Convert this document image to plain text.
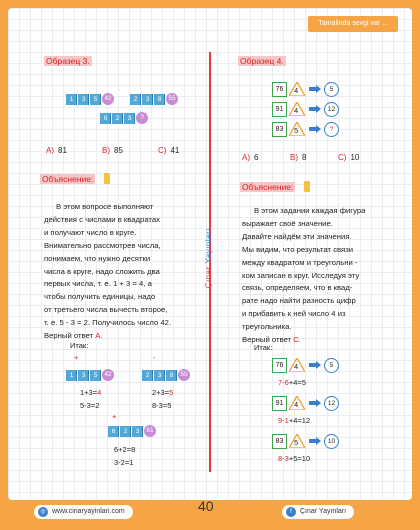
Tamalinda sevgi var ...
Çınar Yayınları
Образец 3.
1	3	5	42	2	3	8	55
6	2	3	?
A) 81	B) 85	C) 41
Объяснение:
В этом вопросе выполняют
действия с числами в квадратах
и получают число в круге.
Внимательно рассмотрев числа,
понимаем, что нужно десятки
числа в круге, надо сложить два
первых числа, т. е. 1 + 3 = 4, а
чтобы получить единицы, надо
от третьего числа вычесть второе,
т. е. 5 - 3 = 2. Получилось число 42.
Верный ответ A.
Итак:
+	-
1	3	5	42	2	3	8	55
1+3=4
5-3=2
2+3=5
8-3=5
+
6	2	3	81
6+2=8
3-2=1
Образец 4.
76	4	5
91	4	12
83	5	?
A) 6	B) 8	C) 10
Объяснение:
В этом задании каждая фигура
выражает своё значение.
Давайте найдём эти значения.
Мы видим, что результат связи
между квадратом и треугольни -
ком записан в круг. Исследуя эту
связь, определяем, что в квад-
рате надо найти разность цифр
и прибавить к ней число 4 из
треугольника.
Верный ответ C.
Итак:
76	4	5
7-6+4=5
91	4	12
9-1+4=12
83	5	10
8-3+5=10
◎ www.cinaryayinlari.com	40	f	Çınar Yayınları
